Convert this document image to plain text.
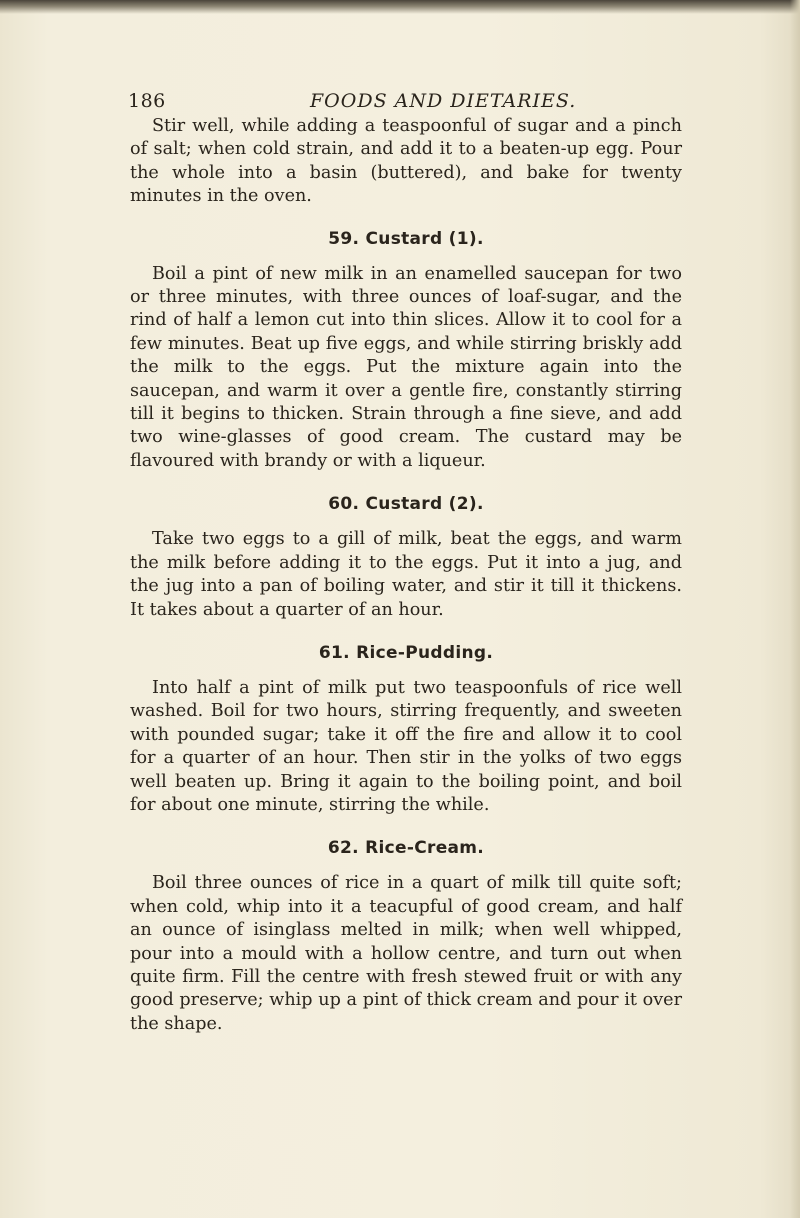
186	FOODS AND DIETARIES.

Stir well, while adding a teaspoonful of sugar and a pinch of salt; when cold strain, and add it to a beaten-up egg. Pour the whole into a basin (buttered), and bake for twenty minutes in the oven.

59. Custard (1).

Boil a pint of new milk in an enamelled saucepan for two or three minutes, with three ounces of loaf-sugar, and the rind of half a lemon cut into thin slices. Allow it to cool for a few minutes. Beat up five eggs, and while stirring briskly add the milk to the eggs. Put the mixture again into the saucepan, and warm it over a gentle fire, constantly stirring till it begins to thicken. Strain through a fine sieve, and add two wine-glasses of good cream. The custard may be flavoured with brandy or with a liqueur.

60. Custard (2).

Take two eggs to a gill of milk, beat the eggs, and warm the milk before adding it to the eggs. Put it into a jug, and the jug into a pan of boiling water, and stir it till it thickens. It takes about a quarter of an hour.

61. Rice-Pudding.

Into half a pint of milk put two teaspoonfuls of rice well washed. Boil for two hours, stirring frequently, and sweeten with pounded sugar; take it off the fire and allow it to cool for a quarter of an hour. Then stir in the yolks of two eggs well beaten up. Bring it again to the boiling point, and boil for about one minute, stirring the while.

62. Rice-Cream.

Boil three ounces of rice in a quart of milk till quite soft; when cold, whip into it a teacupful of good cream, and half an ounce of isinglass melted in milk; when well whipped, pour into a mould with a hollow centre, and turn out when quite firm. Fill the centre with fresh stewed fruit or with any good preserve; whip up a pint of thick cream and pour it over the shape.
